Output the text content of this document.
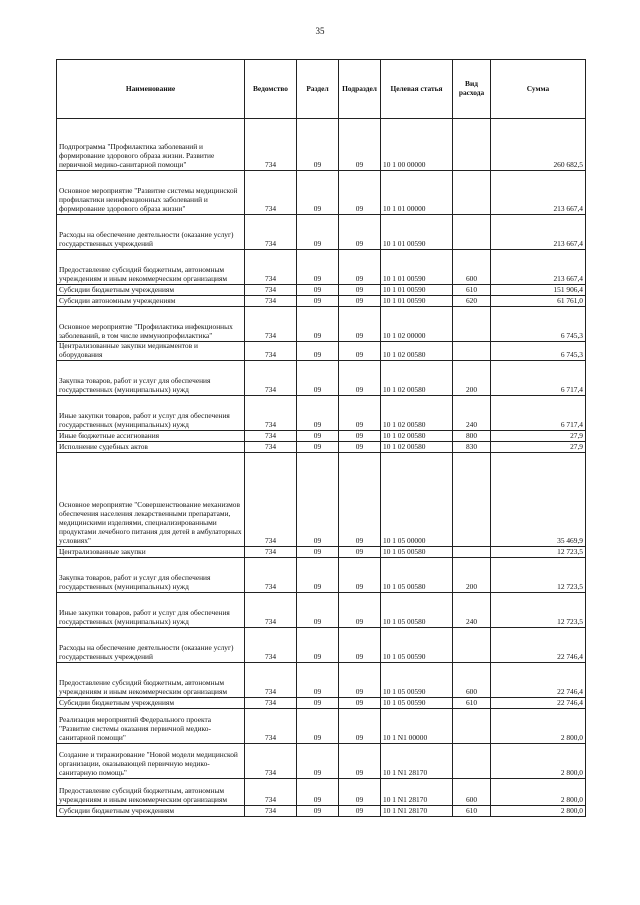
35
Наименование	Ведомство	Раздел	Подраздел	Целевая статья	Вид расхода	Сумма
Подпрограмма "Профилактика заболеваний и формирование здорового образа жизни. Развитие первичной медико-санитарной помощи"	734	09	09	10 1 00 00000		260 682,5
Основное мероприятие "Развитие системы медицинской профилактики неинфекционных заболеваний и формирование здорового образа жизни"	734	09	09	10 1 01 00000		213 667,4
Расходы на обеспечение деятельности (оказание услуг) государственных учреждений	734	09	09	10 1 01 00590		213 667,4
Предоставление субсидий бюджетным, автономным учреждениям и иным некоммерческим организациям	734	09	09	10 1 01 00590	600	213 667,4
Субсидии бюджетным учреждениям	734	09	09	10 1 01 00590	610	151 906,4
Субсидии автономным учреждениям	734	09	09	10 1 01 00590	620	61 761,0
Основное мероприятие "Профилактика инфекционных заболеваний, в том числе иммунопрофилактика"	734	09	09	10 1 02 00000		6 745,3
Централизованные закупки медикаментов и оборудования	734	09	09	10 1 02 00580		6 745,3
Закупка товаров, работ и услуг для обеспечения государственных (муниципальных) нужд	734	09	09	10 1 02 00580	200	6 717,4
Иные закупки товаров, работ и услуг для обеспечения государственных (муниципальных) нужд	734	09	09	10 1 02 00580	240	6 717,4
Иные бюджетные ассигнования	734	09	09	10 1 02 00580	800	27,9
Исполнение судебных актов	734	09	09	10 1 02 00580	830	27,9
Основное мероприятие "Совершенствование механизмов обеспечения населения лекарственными препаратами, медицинскими изделиями, специализированными продуктами лечебного питания для детей в амбулаторных условиях"	734	09	09	10 1 05 00000		35 469,9
Централизованные закупки	734	09	09	10 1 05 00580		12 723,5
Закупка товаров, работ и услуг для обеспечения государственных (муниципальных) нужд	734	09	09	10 1 05 00580	200	12 723,5
Иные закупки товаров, работ и услуг для обеспечения государственных (муниципальных) нужд	734	09	09	10 1 05 00580	240	12 723,5
Расходы на обеспечение деятельности (оказание услуг) государственных учреждений	734	09	09	10 1 05 00590		22 746,4
Предоставление субсидий бюджетным, автономным учреждениям и иным некоммерческим организациям	734	09	09	10 1 05 00590	600	22 746,4
Субсидии бюджетным учреждениям	734	09	09	10 1 05 00590	610	22 746,4
Реализация мероприятий Федерального проекта "Развитие системы оказания первичной медико-санитарной помощи"	734	09	09	10 1 N1 00000		2 800,0
Создание и тиражирование "Новой модели медицинской организации, оказывающей первичную медико-санитарную помощь"	734	09	09	10 1 N1 28170		2 800,0
Предоставление субсидий бюджетным, автономным учреждениям и иным некоммерческим организациям	734	09	09	10 1 N1 28170	600	2 800,0
Субсидии бюджетным учреждениям	734	09	09	10 1 N1 28170	610	2 800,0
